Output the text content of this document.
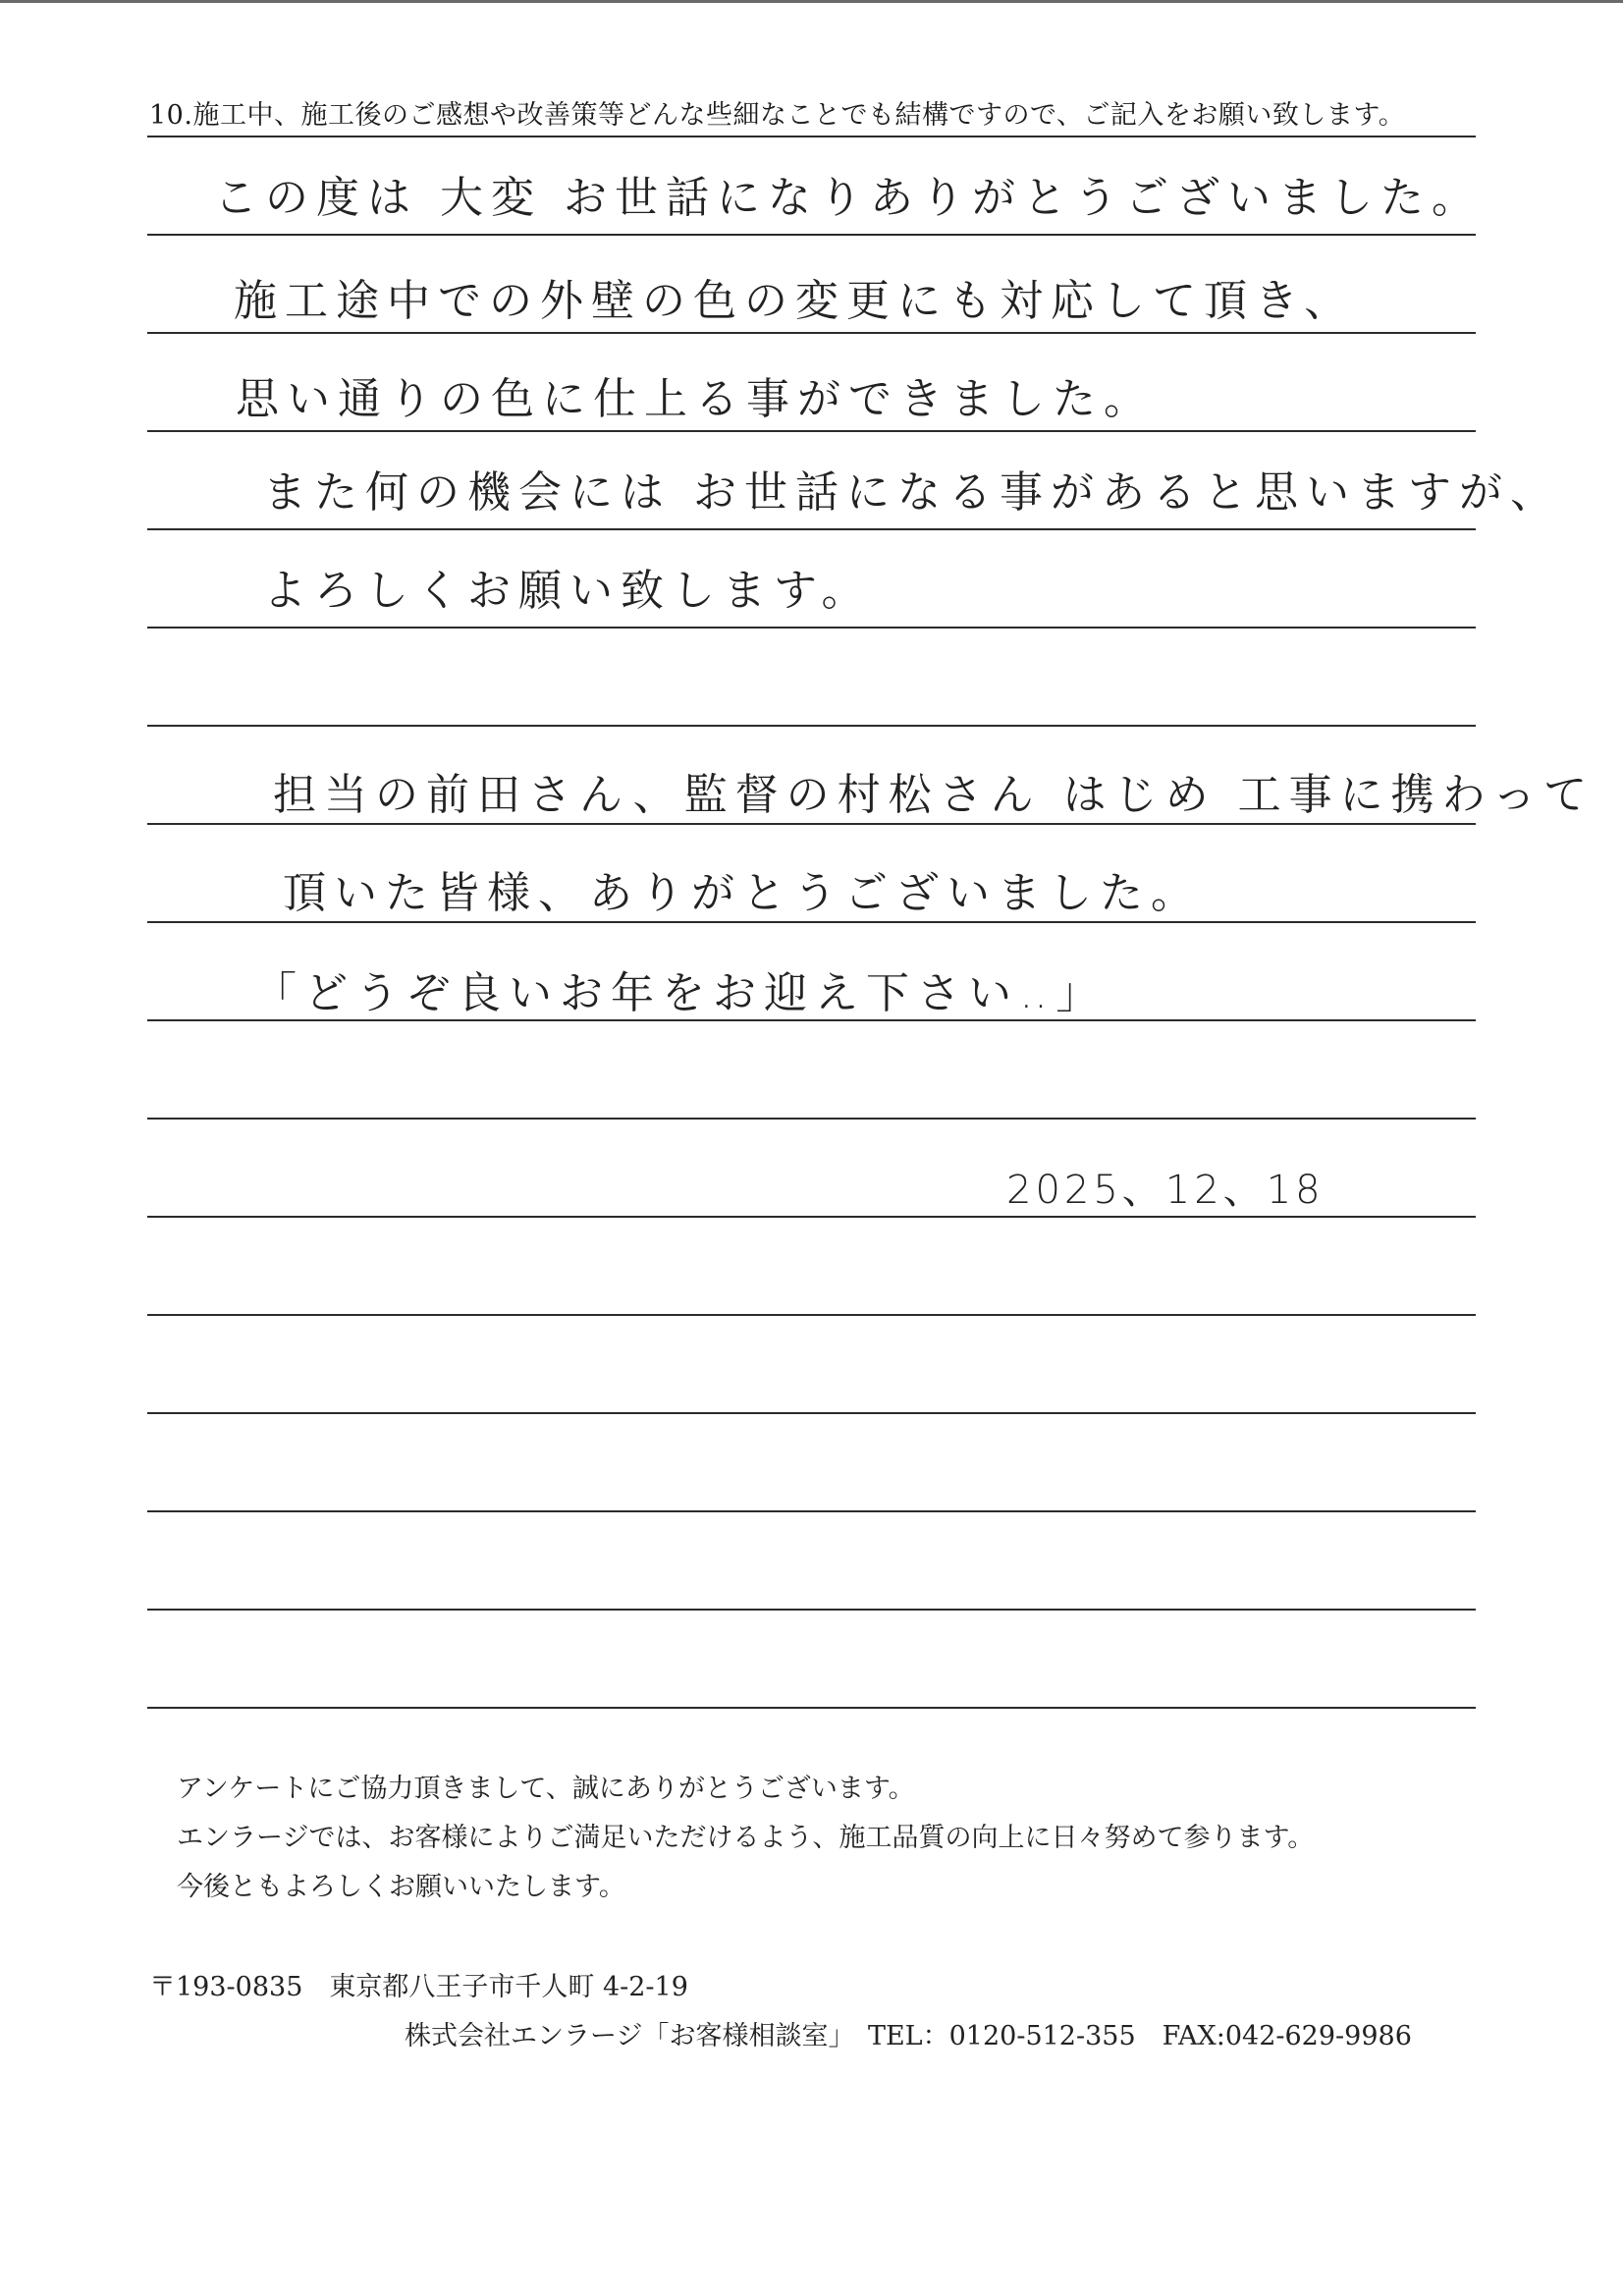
10.施工中、施工後のご感想や改善策等どんな些細なことでも結構ですので、ご記入をお願い致します。
この度は 大変 お世話になりありがとうございました。
施工途中での外壁の色の変更にも対応して頂き、
思い通りの色に仕上る事ができました。
また何の機会には お世話になる事があると思いますが、
よろしくお願い致します。
担当の前田さん、監督の村松さん はじめ 工事に携わって
頂いた皆様、ありがとうございました。
「どうぞ良いお年をお迎え下さい‥」
2025、12、18
アンケートにご協力頂きまして、誠にありがとうございます。
エンラージでは、お客様によりご満足いただけるよう、施工品質の向上に日々努めて参ります。
今後ともよろしくお願いいたします。
〒193-0835　東京都八王子市千人町 4-2-19
株式会社エンラージ「お客様相談室」　TEL：0120-512-355　FAX:042-629-9986
